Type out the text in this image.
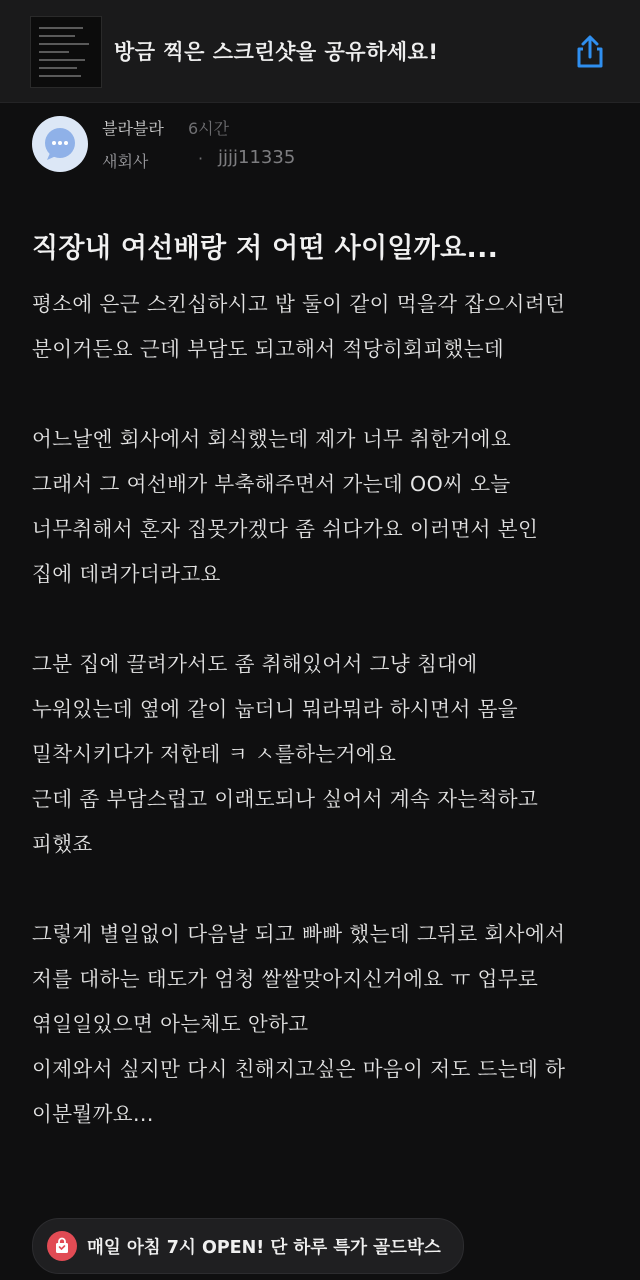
방금 찍은 스크린샷을 공유하세요!
블라블라 6시간
새회사	· jjjj11335
직장내 여선배랑 저 어떤 사이일까요...
평소에 은근 스킨십하시고 밥 둘이 같이 먹을각 잡으시려던
분이거든요 근데 부담도 되고해서 적당히회피했는데
어느날엔 회사에서 회식했는데 제가 너무 취한거에요
그래서 그 여선배가 부축해주면서 가는데 OO씨 오늘
너무취해서 혼자 집못가겠다 좀 쉬다가요 이러면서 본인
집에 데려가더라고요
그분 집에 끌려가서도 좀 취해있어서 그냥 침대에
누워있는데 옆에 같이 눕더니 뭐라뭐라 하시면서 몸을
밀착시키다가 저한테 ㅋ ㅅ를하는거에요
근데 좀 부담스럽고 이래도되나 싶어서 계속 자는척하고
피했죠
그렇게 별일없이 다음날 되고 빠빠 했는데 그뒤로 회사에서
저를 대하는 태도가 엄청 쌀쌀맞아지신거에요 ㅠ 업무로
엮일일있으면 아는체도 안하고
이제와서 싶지만 다시 친해지고싶은 마음이 저도 드는데 하
이분뭘까요...
매일 아침 7시 OPEN! 단 하루 특가 골드박스
